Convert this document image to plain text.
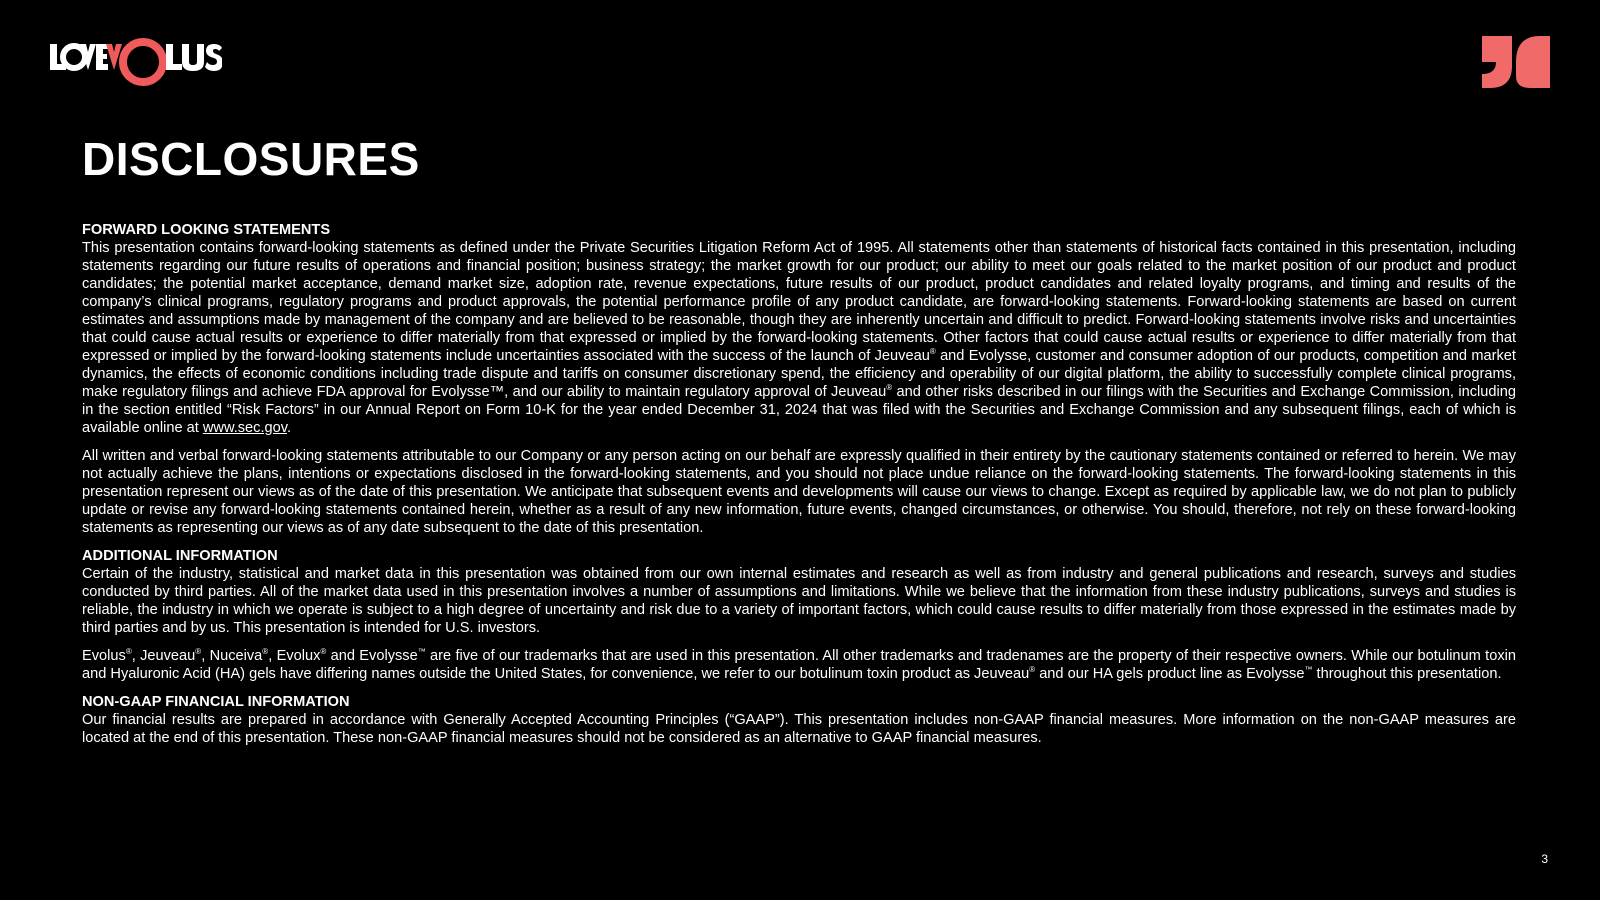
DISCLOSURES

FORWARD LOOKING STATEMENTS

This presentation contains forward-looking statements as defined under the Private Securities Litigation Reform Act of 1995. All statements other than statements of historical facts contained in this presentation, including statements regarding our future results of operations and financial position; business strategy; the market growth for our product; our ability to meet our goals related to the market position of our product and product candidates; the potential market acceptance, demand market size, adoption rate, revenue expectations, future results of our product, product candidates and related loyalty programs, and timing and results of the company’s clinical programs, regulatory programs and product approvals, the potential performance profile of any product candidate, are forward-looking statements. Forward-looking statements are based on current estimates and assumptions made by management of the company and are believed to be reasonable, though they are inherently uncertain and difficult to predict. Forward-looking statements involve risks and uncertainties that could cause actual results or experience to differ materially from that expressed or implied by the forward-looking statements. Other factors that could cause actual results or experience to differ materially from that expressed or implied by the forward-looking statements include uncertainties associated with the success of the launch of Jeuveau® and Evolysse, customer and consumer adoption of our products, competition and market dynamics, the effects of economic conditions including trade dispute and tariffs on consumer discretionary spend, the efficiency and operability of our digital platform, the ability to successfully complete clinical programs, make regulatory filings and achieve FDA approval for Evolysse™, and our ability to maintain regulatory approval of Jeuveau® and other risks described in our filings with the Securities and Exchange Commission, including in the section entitled “Risk Factors” in our Annual Report on Form 10-K for the year ended December 31, 2024 that was filed with the Securities and Exchange Commission and any subsequent filings, each of which is available online at www.sec.gov.

All written and verbal forward-looking statements attributable to our Company or any person acting on our behalf are expressly qualified in their entirety by the cautionary statements contained or referred to herein. We may not actually achieve the plans, intentions or expectations disclosed in the forward-looking statements, and you should not place undue reliance on the forward-looking statements. The forward-looking statements in this presentation represent our views as of the date of this presentation. We anticipate that subsequent events and developments will cause our views to change. Except as required by applicable law, we do not plan to publicly update or revise any forward-looking statements contained herein, whether as a result of any new information, future events, changed circumstances, or otherwise. You should, therefore, not rely on these forward-looking statements as representing our views as of any date subsequent to the date of this presentation.

ADDITIONAL INFORMATION

Certain of the industry, statistical and market data in this presentation was obtained from our own internal estimates and research as well as from industry and general publications and research, surveys and studies conducted by third parties. All of the market data used in this presentation involves a number of assumptions and limitations. While we believe that the information from these industry publications, surveys and studies is reliable, the industry in which we operate is subject to a high degree of uncertainty and risk due to a variety of important factors, which could cause results to differ materially from those expressed in the estimates made by third parties and by us. This presentation is intended for U.S. investors.

Evolus®, Jeuveau®, Nuceiva®, Evolux® and Evolysse™ are five of our trademarks that are used in this presentation. All other trademarks and tradenames are the property of their respective owners. While our botulinum toxin and Hyaluronic Acid (HA) gels have differing names outside the United States, for convenience, we refer to our botulinum toxin product as Jeuveau® and our HA gels product line as Evolysse™ throughout this presentation.

NON-GAAP FINANCIAL INFORMATION

Our financial results are prepared in accordance with Generally Accepted Accounting Principles (“GAAP”). This presentation includes non-GAAP financial measures. More information on the non-GAAP measures are located at the end of this presentation. These non-GAAP financial measures should not be considered as an alternative to GAAP financial measures.

3
